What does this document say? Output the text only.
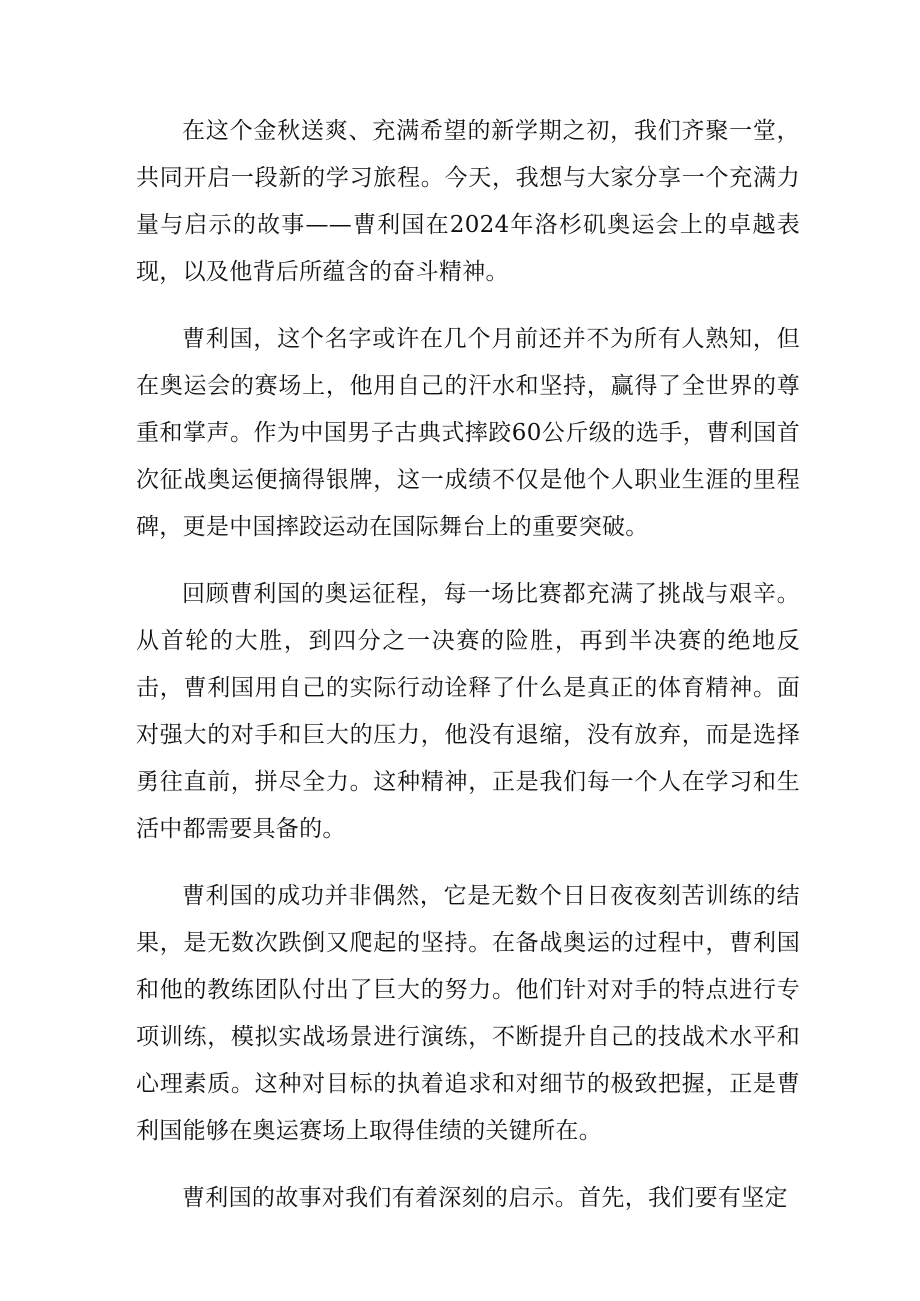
在这个金秋送爽、充满希望的新学期之初，我们齐聚一堂，共同开启一段新的学习旅程。今天，我想与大家分享一个充满力量与启示的故事——曹利国在2024年洛杉矶奥运会上的卓越表现，以及他背后所蕴含的奋斗精神。

曹利国，这个名字或许在几个月前还并不为所有人熟知，但在奥运会的赛场上，他用自己的汗水和坚持，赢得了全世界的尊重和掌声。作为中国男子古典式摔跤60公斤级的选手，曹利国首次征战奥运便摘得银牌，这一成绩不仅是他个人职业生涯的里程碑，更是中国摔跤运动在国际舞台上的重要突破。

回顾曹利国的奥运征程，每一场比赛都充满了挑战与艰辛。从首轮的大胜，到四分之一决赛的险胜，再到半决赛的绝地反击，曹利国用自己的实际行动诠释了什么是真正的体育精神。面对强大的对手和巨大的压力，他没有退缩，没有放弃，而是选择勇往直前，拼尽全力。这种精神，正是我们每一个人在学习和生活中都需要具备的。

曹利国的成功并非偶然，它是无数个日日夜夜刻苦训练的结果，是无数次跌倒又爬起的坚持。在备战奥运的过程中，曹利国和他的教练团队付出了巨大的努力。他们针对对手的特点进行专项训练，模拟实战场景进行演练，不断提升自己的技战术水平和心理素质。这种对目标的执着追求和对细节的极致把握，正是曹利国能够在奥运赛场上取得佳绩的关键所在。

曹利国的故事对我们有着深刻的启示。首先，我们要有坚定
